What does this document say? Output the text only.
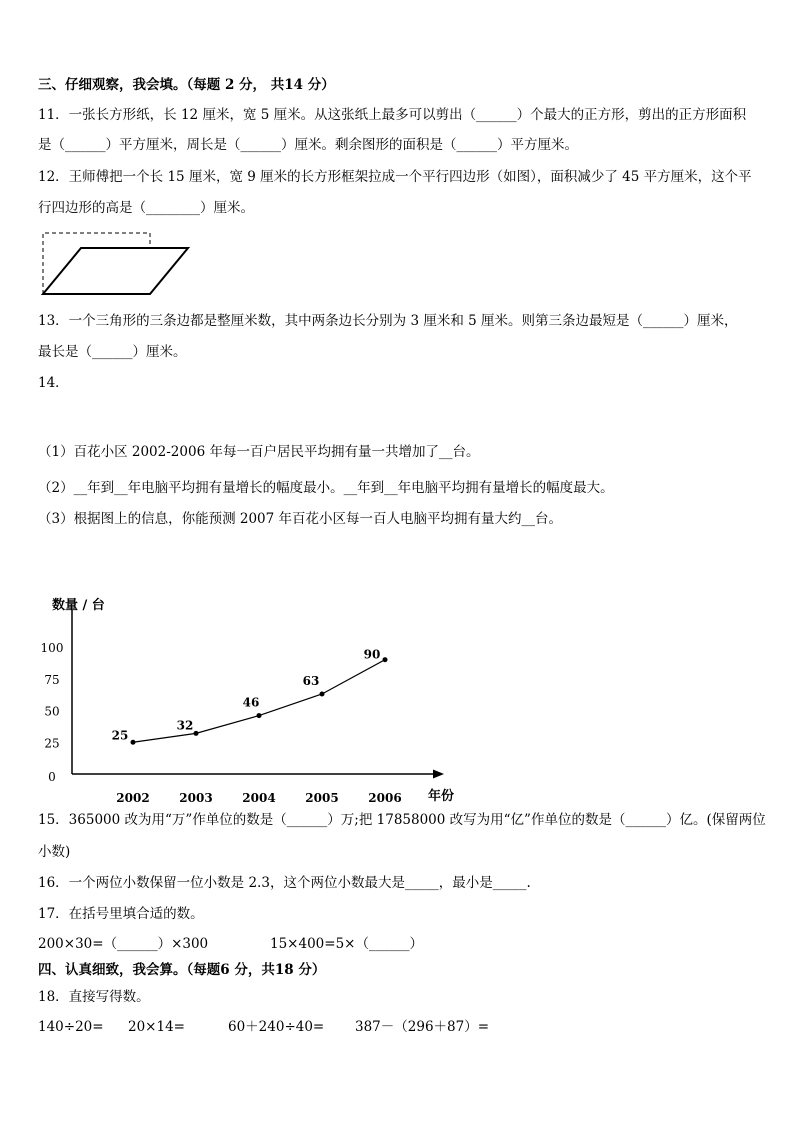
三、仔细观察，我会填。（每题 2 分， 共14 分）
11．一张长方形纸，长 12 厘米，宽 5 厘米。从这张纸上最多可以剪出（______）个最大的正方形，剪出的正方形面积
是（______）平方厘米，周长是（______）厘米。剩余图形的面积是（______）平方厘米。
12．王师傅把一个长 15 厘米，宽 9 厘米的长方形框架拉成一个平行四边形（如图），面积减少了 45 平方厘米，这个平
行四边形的高是（________）厘米。
13．一个三角形的三条边都是整厘米数，其中两条边长分别为 3 厘米和 5 厘米。则第三条边最短是（______）厘米，
最长是（______）厘米。
14．
（1）百花小区 2002-2006 年每一百户居民平均拥有量一共增加了__台。
（2）__年到__年电脑平均拥有量增长的幅度最小。__年到__年电脑平均拥有量增长的幅度最大。
（3）根据图上的信息，你能预测 2007 年百花小区每一百人电脑平均拥有量大约__台。
数量 / 台
年份
0
25
50
75
100
2002 2003 2004 2005 2006
25
32
46
63
90
15．365000 改为用“万”作单位的数是（______）万;把 17858000 改写为用“亿”作单位的数是（______）亿。(保留两位
小数)
16．一个两位小数保留一位小数是 2.3，这个两位小数最大是_____，最小是_____.
17．在括号里填合适的数。
200×30=（______）×300	15×400=5×（______）
四、认真细致，我会算。（每题6 分，共18 分）
18．直接写得数。
140÷20= 20×14=	60＋240÷40= 387－（296＋87）=
